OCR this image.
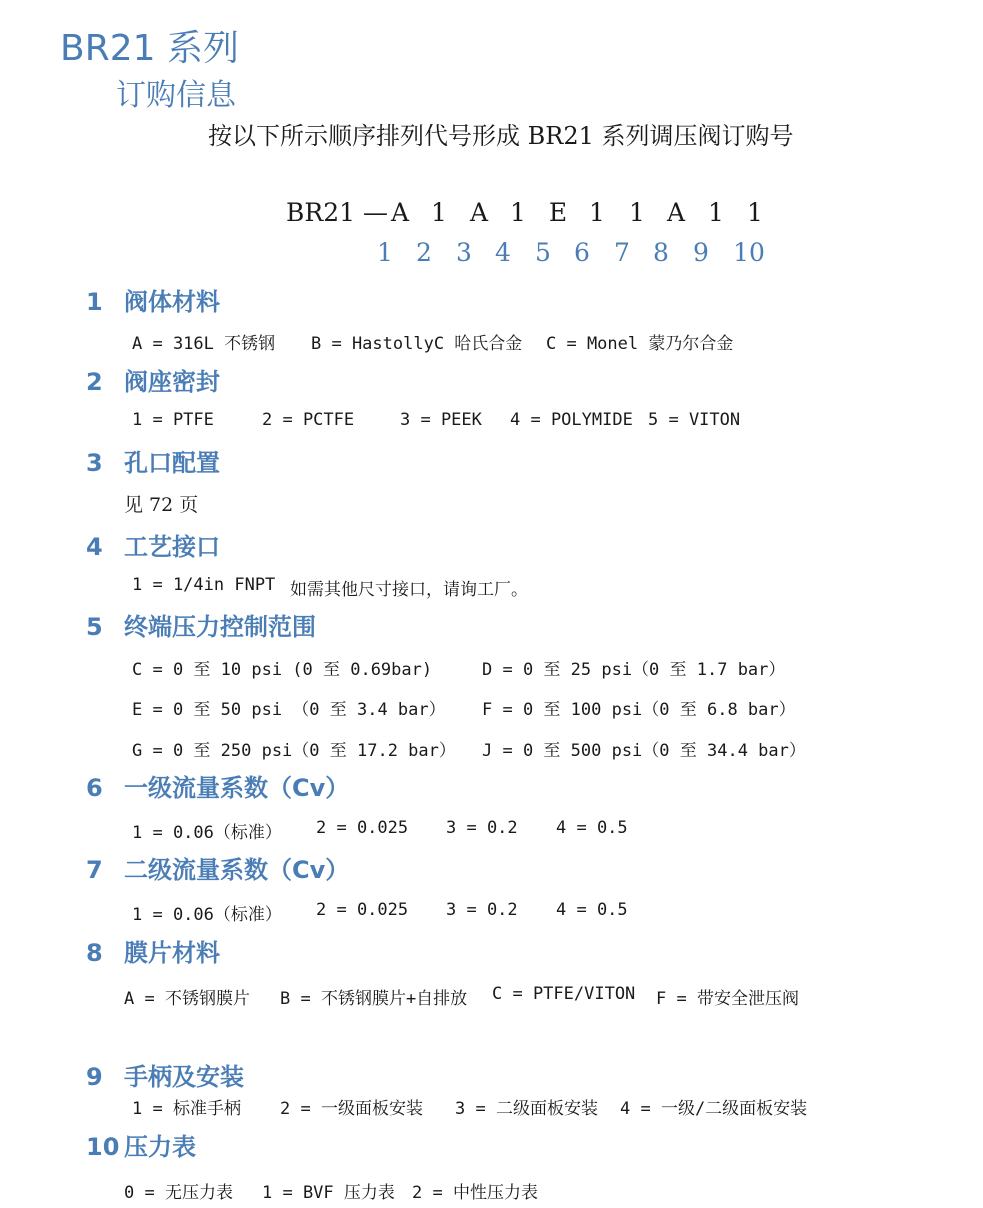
BR21 系列
订购信息
按以下所示顺序排列代号形成 BR21 系列调压阀订购号
BR21 — A 1 A 1 E 1 1 A 1 1
1 2 3 4 5 6 7 8 9 10
1 阀体材料
A = 316L 不锈钢 B = HastollyC 哈氏合金 C = Monel 蒙乃尔合金
2 阀座密封
1 = PTFE	2 = PCTFE	3 = PEEK 4 = POLYMIDE 5 = VITON
3 孔口配置
见 72 页
4 工艺接口
1 = 1/4in FNPT 如需其他尺寸接口，请询工厂。
5 终端压力控制范围
C = 0 至 10 psi (0 至 0.69bar)	D = 0 至 25 psi（0 至 1.7 bar）
E = 0 至 50 psi （0 至 3.4 bar） F = 0 至 100 psi（0 至 6.8 bar）
G = 0 至 250 psi（0 至 17.2 bar） J = 0 至 500 psi（0 至 34.4 bar）
6 一级流量系数（Cv）
1 = 0.06（标准） 2 = 0.025 3 = 0.2 4 = 0.5
7 二级流量系数（Cv）
1 = 0.06（标准） 2 = 0.025 3 = 0.2 4 = 0.5
8 膜片材料
A = 不锈钢膜片 B = 不锈钢膜片+自排放 C = PTFE/VITON F = 带安全泄压阀
9 手柄及安装
1 = 标准手柄 2 = 一级面板安装 3 = 二级面板安装 4 = 一级/二级面板安装
10 压力表
0 = 无压力表 1 = BVF 压力表 2 = 中性压力表
